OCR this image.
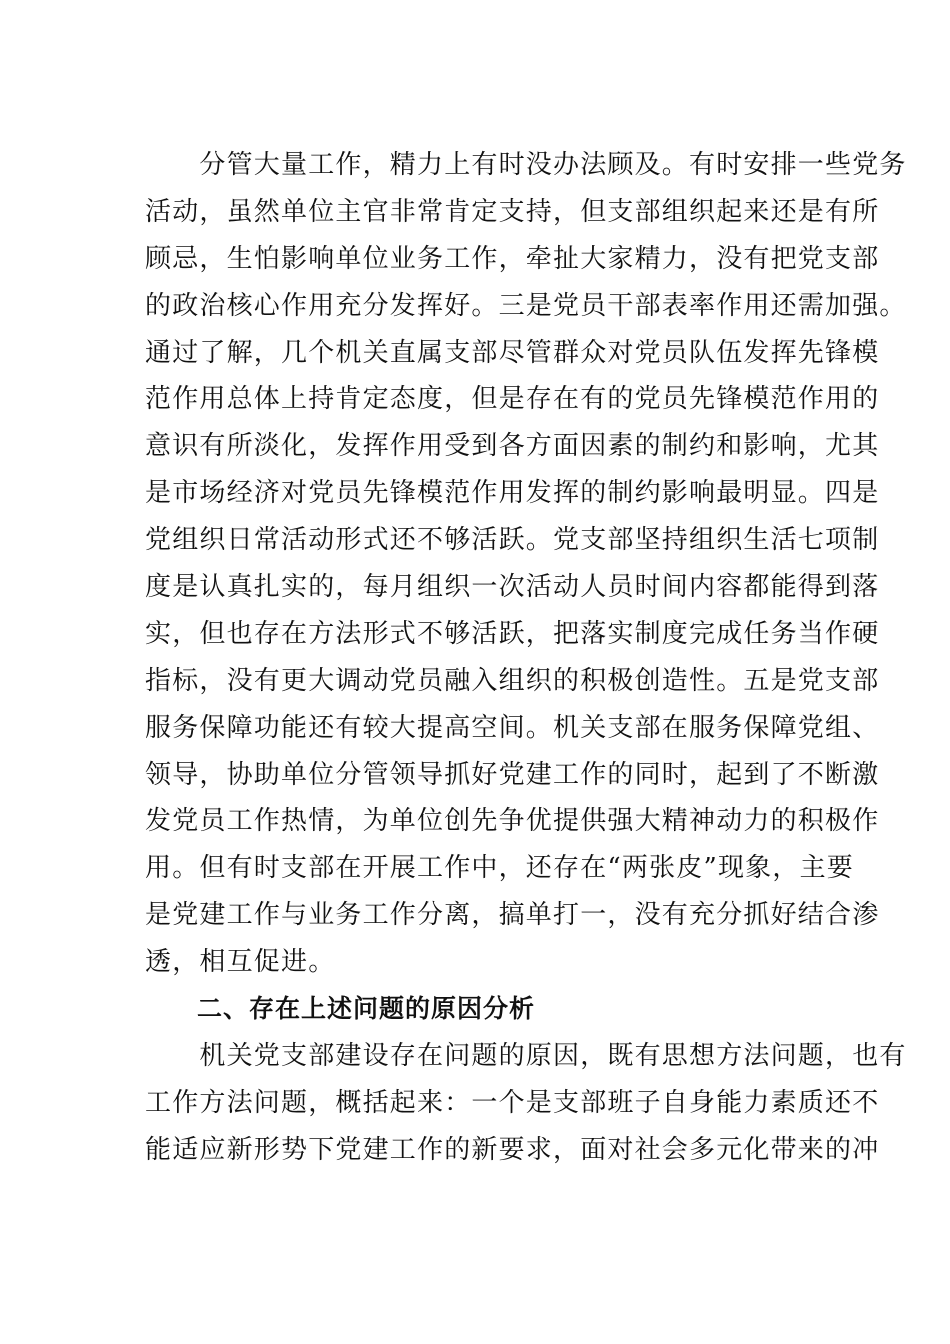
　　分管大量工作，精力上有时没办法顾及。有时安排一些党务
活动，虽然单位主官非常肯定支持，但支部组织起来还是有所
顾忌，生怕影响单位业务工作，牵扯大家精力，没有把党支部
的政治核心作用充分发挥好。三是党员干部表率作用还需加强。
通过了解，几个机关直属支部尽管群众对党员队伍发挥先锋模
范作用总体上持肯定态度，但是存在有的党员先锋模范作用的
意识有所淡化，发挥作用受到各方面因素的制约和影响，尤其
是市场经济对党员先锋模范作用发挥的制约影响最明显。四是
党组织日常活动形式还不够活跃。党支部坚持组织生活七项制
度是认真扎实的，每月组织一次活动人员时间内容都能得到落
实，但也存在方法形式不够活跃，把落实制度完成任务当作硬
指标，没有更大调动党员融入组织的积极创造性。五是党支部
服务保障功能还有较大提高空间。机关支部在服务保障党组、
领导，协助单位分管领导抓好党建工作的同时，起到了不断激
发党员工作热情，为单位创先争优提供强大精神动力的积极作
用。但有时支部在开展工作中，还存在“两张皮”现象，主要
是党建工作与业务工作分离，搞单打一，没有充分抓好结合渗
透，相互促进。
　　二、存在上述问题的原因分析
　　机关党支部建设存在问题的原因，既有思想方法问题，也有
工作方法问题，概括起来：一个是支部班子自身能力素质还不
能适应新形势下党建工作的新要求，面对社会多元化带来的冲
